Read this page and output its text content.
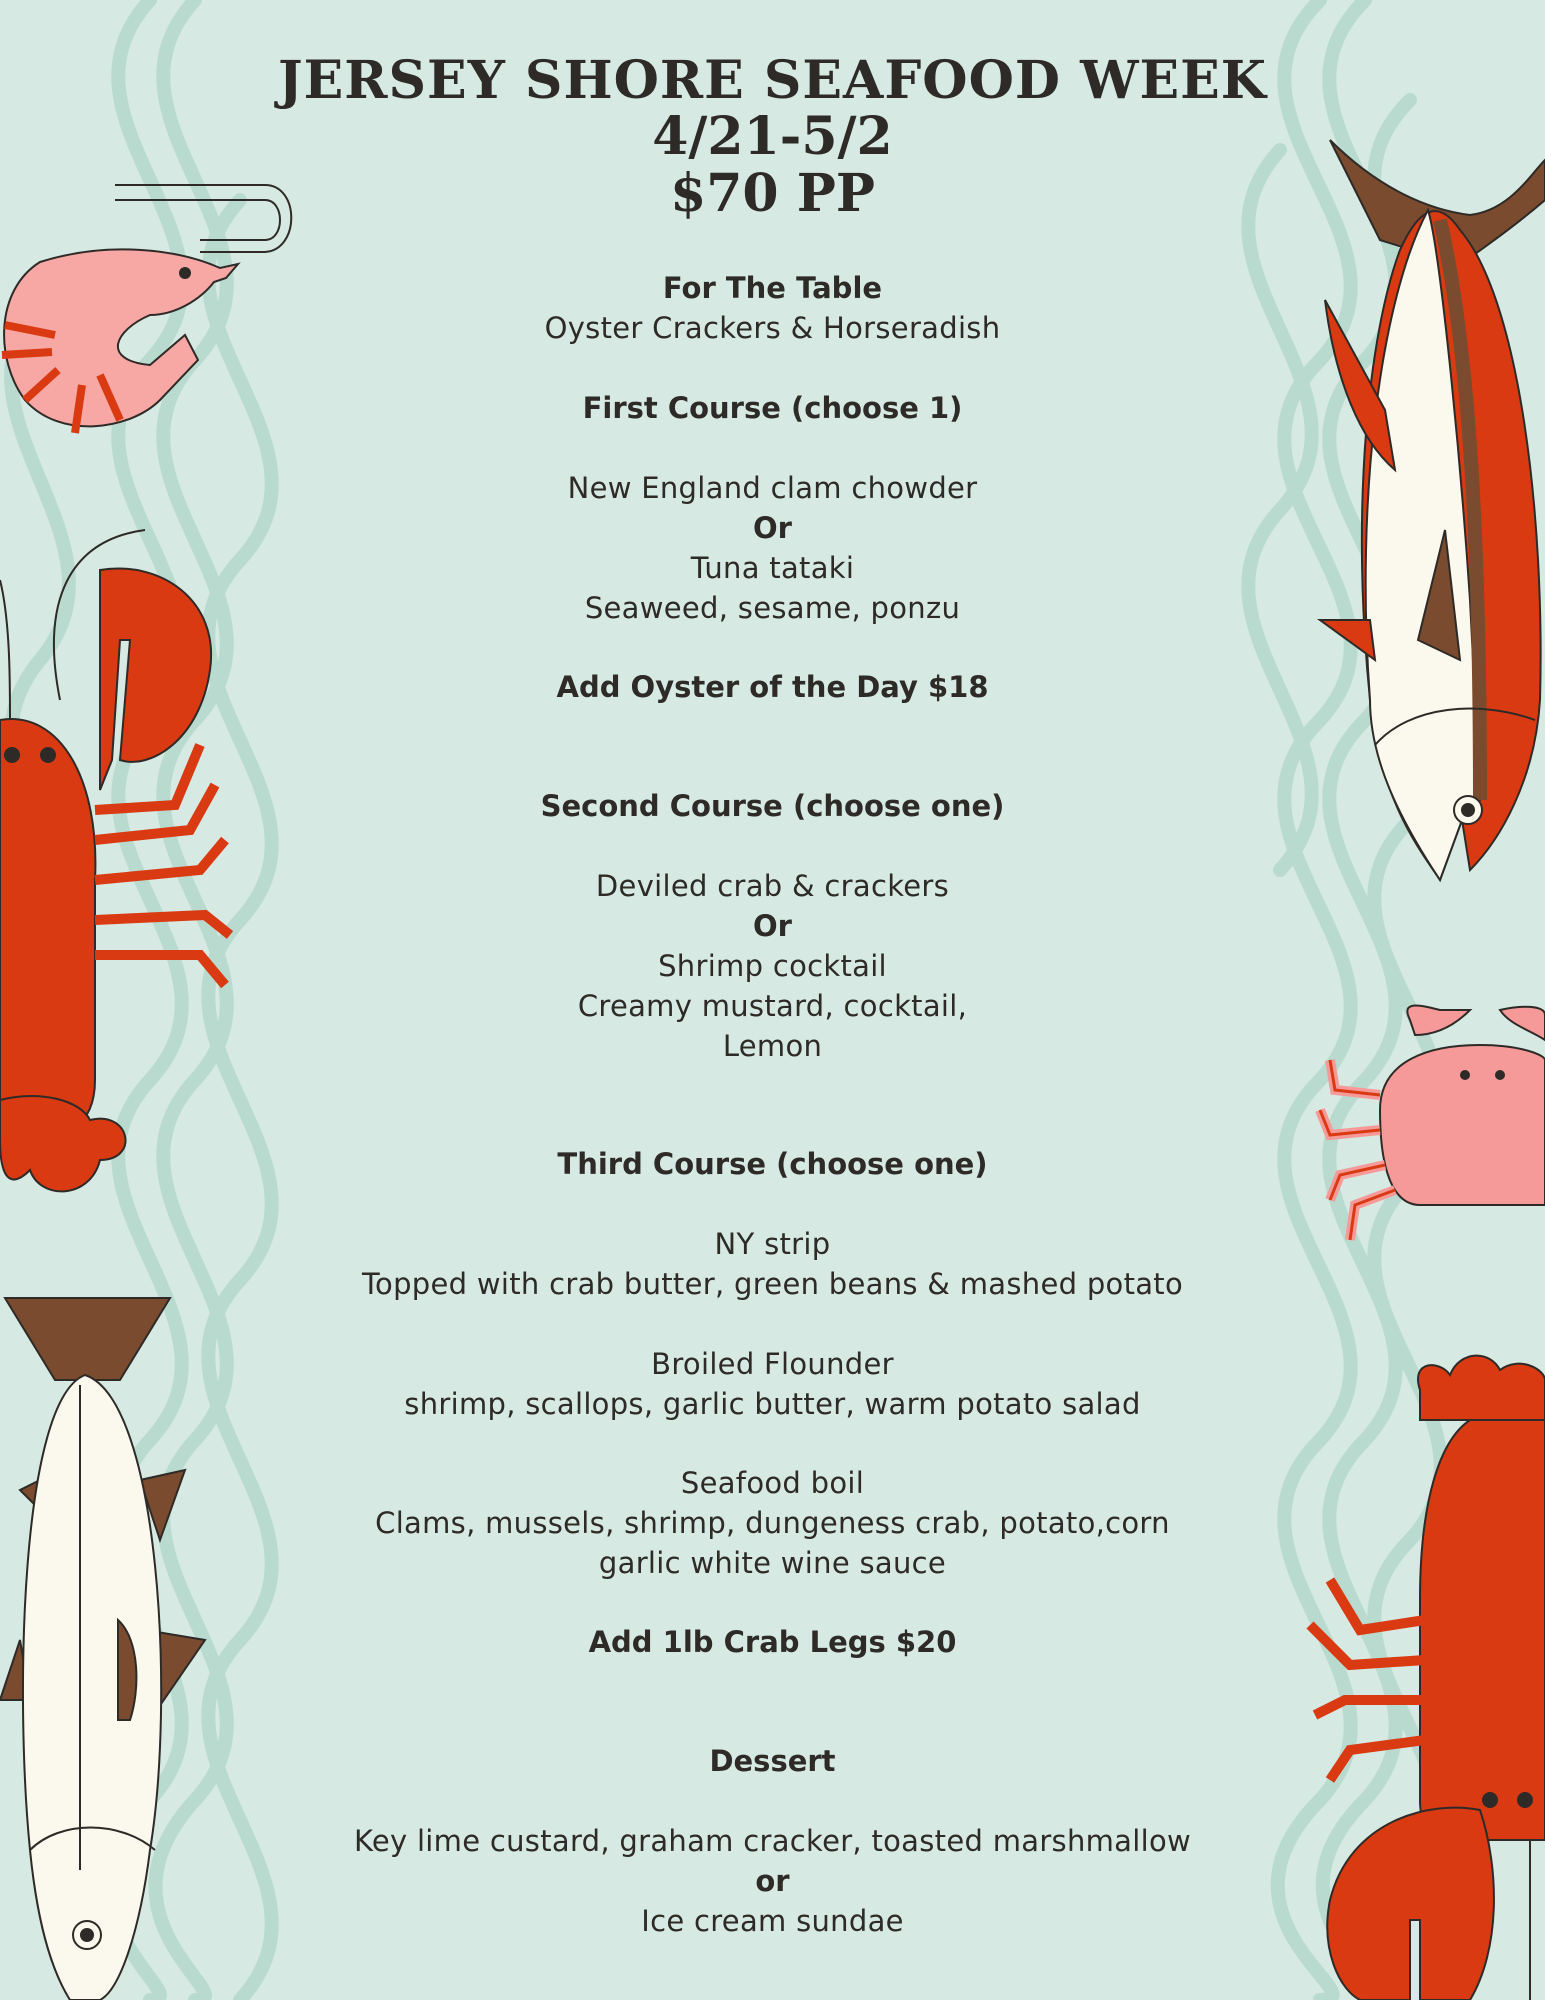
JERSEY SHORE SEAFOOD WEEK
4/21-5/2
$70 PP
For The Table
Oyster Crackers & Horseradish
First Course (choose 1)
New England clam chowder
Or
Tuna tataki
Seaweed, sesame, ponzu
Add Oyster of the Day $18
Second Course (choose one)
Deviled crab & crackers
Or
Shrimp cocktail
Creamy mustard, cocktail,
Lemon
Third Course (choose one)
NY strip
Topped with crab butter, green beans & mashed potato
Broiled Flounder
shrimp, scallops, garlic butter, warm potato salad
Seafood boil
Clams, mussels, shrimp, dungeness crab, potato,corn
garlic white wine sauce
Add 1lb Crab Legs $20
Dessert
Key lime custard, graham cracker, toasted marshmallow
or
Ice cream sundae
